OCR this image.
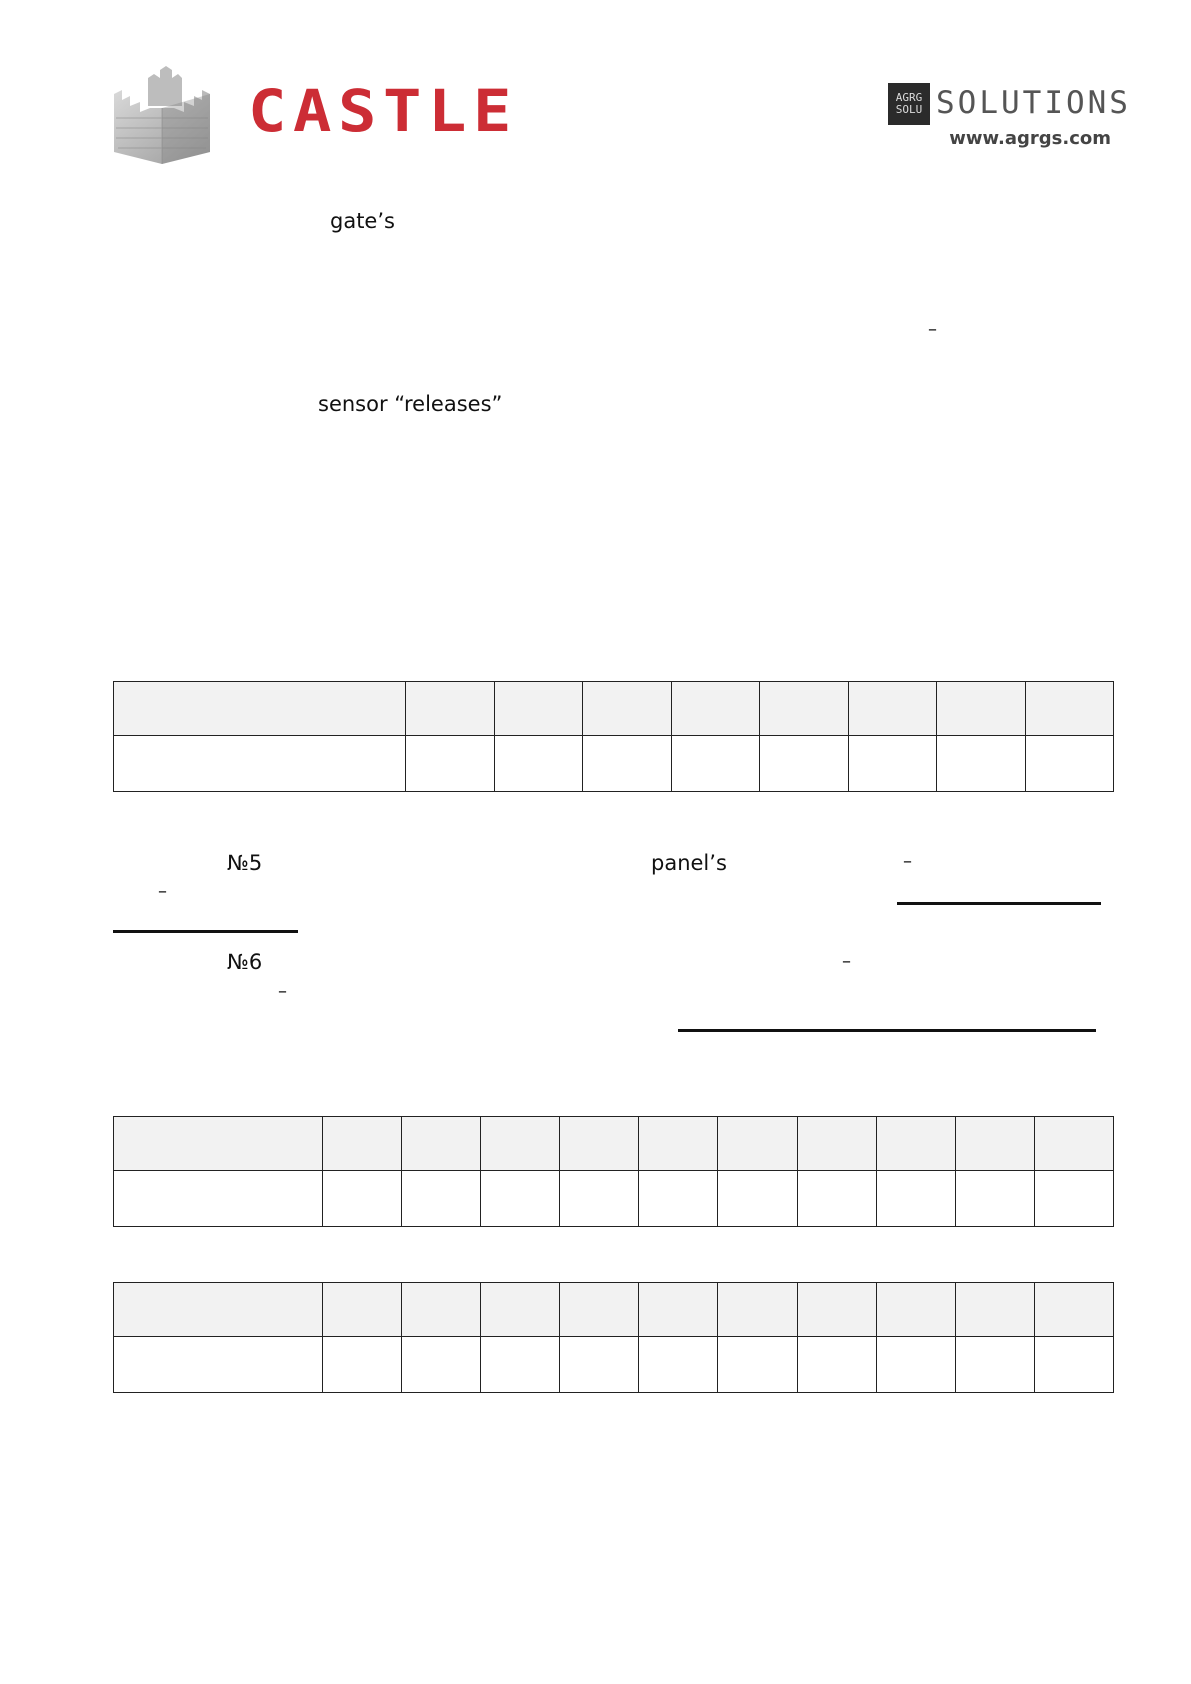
CASTLE	AGRG
SOLU SOLUTIONS
www.agrgs.com
gate’s
–
sensor “releases”

№5	panel’s	–
–
№6	–
–
